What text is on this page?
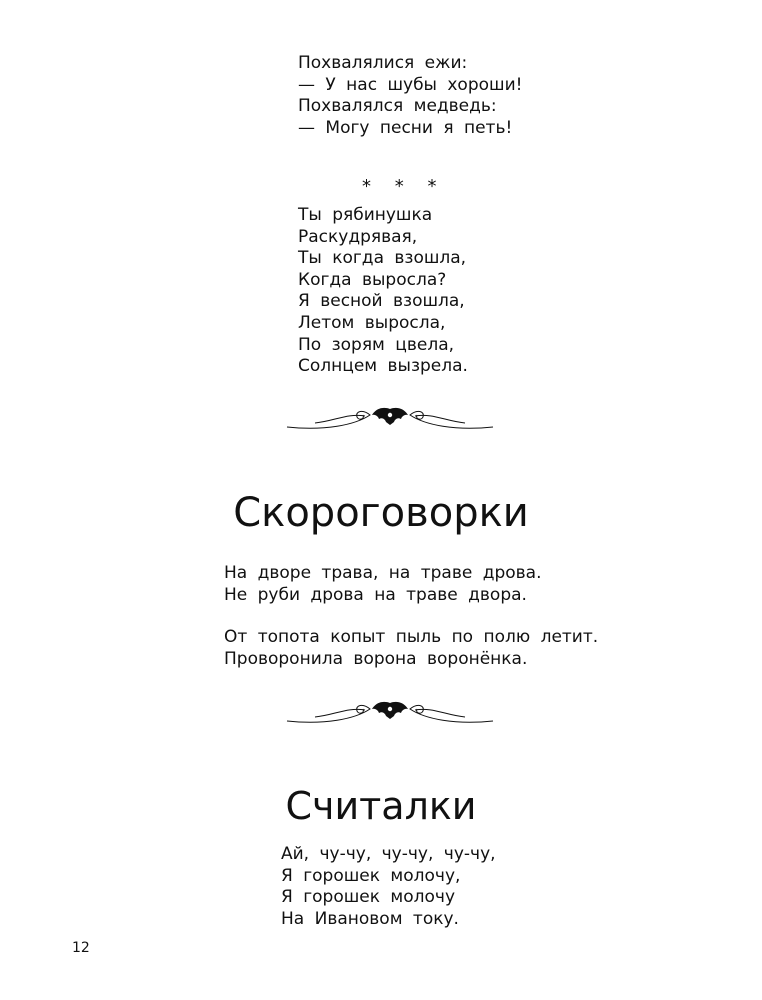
Похвалялися ежи:
— У нас шубы хороши!
Похвалялся медведь:
— Могу песни я петь!
* * *
Ты рябинушка
Раскудрявая,
Ты когда взошла,
Когда выросла?
Я весной взошла,
Летом выросла,
По зорям цвела,
Солнцем вызрела.
Скороговорки
На дворе трава, на траве дрова.
Не руби дрова на траве двора.
От топота копыт пыль по полю летит.
Проворонила ворона воронёнка.
Считалки
Ай, чу-чу, чу-чу, чу-чу,
Я горошек молочу,
Я горошек молочу
На Ивановом току.
12
